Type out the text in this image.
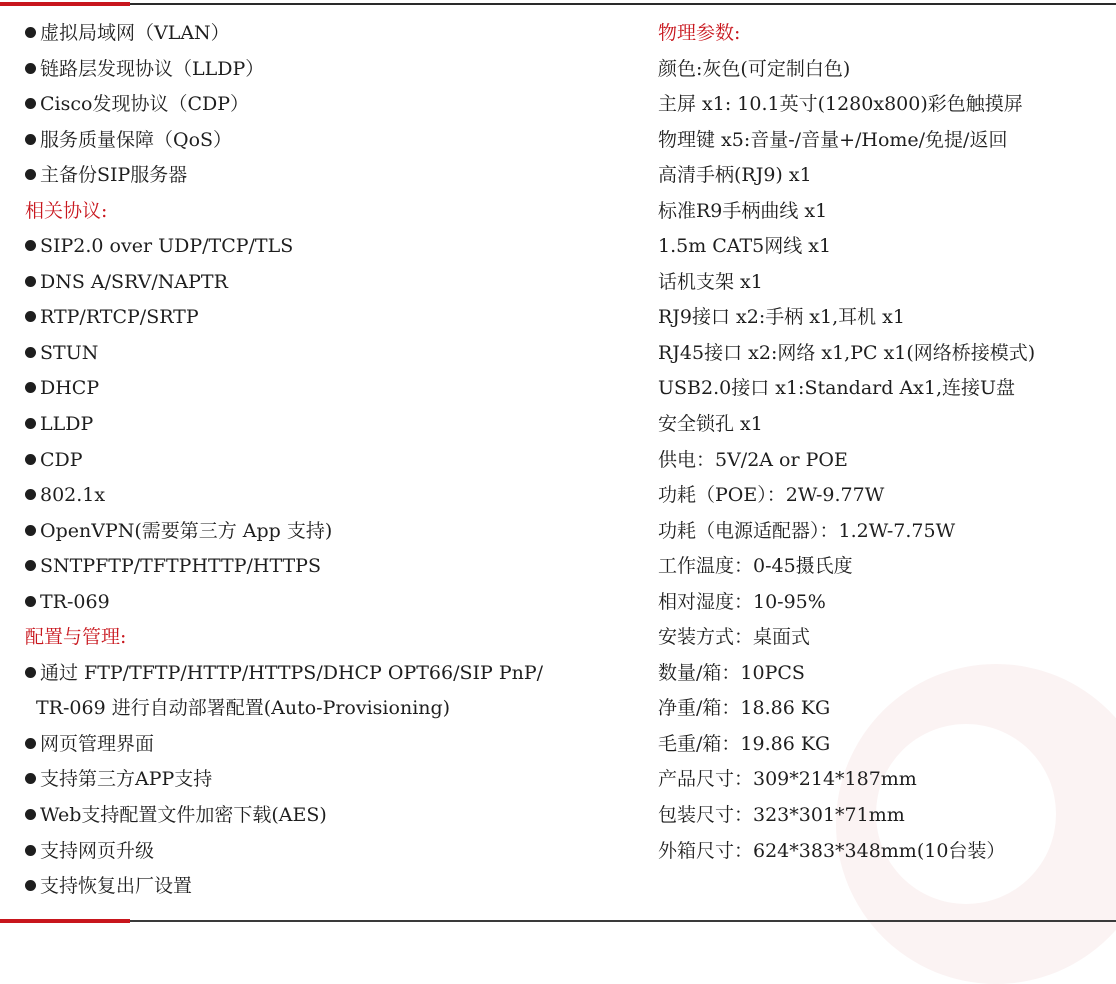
虚拟局域网（VLAN）
链路层发现协议（LLDP）
Cisco发现协议（CDP）
服务质量保障（QoS）
主备份SIP服务器
相关协议:
SIP2.0 over UDP/TCP/TLS
DNS A/SRV/NAPTR
RTP/RTCP/SRTP
STUN
DHCP
LLDP
CDP
802.1x
OpenVPN(需要第三方 App 支持)
SNTPFTP/TFTPHTTP/HTTPS
TR-069
配置与管理:
通过 FTP/TFTP/HTTP/HTTPS/DHCP OPT66/SIP PnP/
TR-069 进行自动部署配置(Auto-Provisioning)
网页管理界面
支持第三方APP支持
Web支持配置文件加密下载(AES)
支持网页升级
支持恢复出厂设置
物理参数:
颜色:灰色(可定制白色)
主屏 x1: 10.1英寸(1280x800)彩色触摸屏
物理键 x5:音量-/音量+/Home/免提/返回
高清手柄(RJ9) x1
标准R9手柄曲线 x1
1.5m CAT5网线 x1
话机支架 x1
RJ9接口 x2:手柄 x1,耳机 x1
RJ45接口 x2:网络 x1,PC x1(网络桥接模式)
USB2.0接口 x1:Standard Ax1,连接U盘
安全锁孔 x1
供电：5V/2A or POE
功耗（POE）：2W-9.77W
功耗（电源适配器）：1.2W-7.75W
工作温度：0-45摄氏度
相对湿度：10-95%
安装方式：桌面式
数量/箱：10PCS
净重/箱：18.86 KG
毛重/箱：19.86 KG
产品尺寸：309*214*187mm
包装尺寸：323*301*71mm
外箱尺寸：624*383*348mm(10台装）
